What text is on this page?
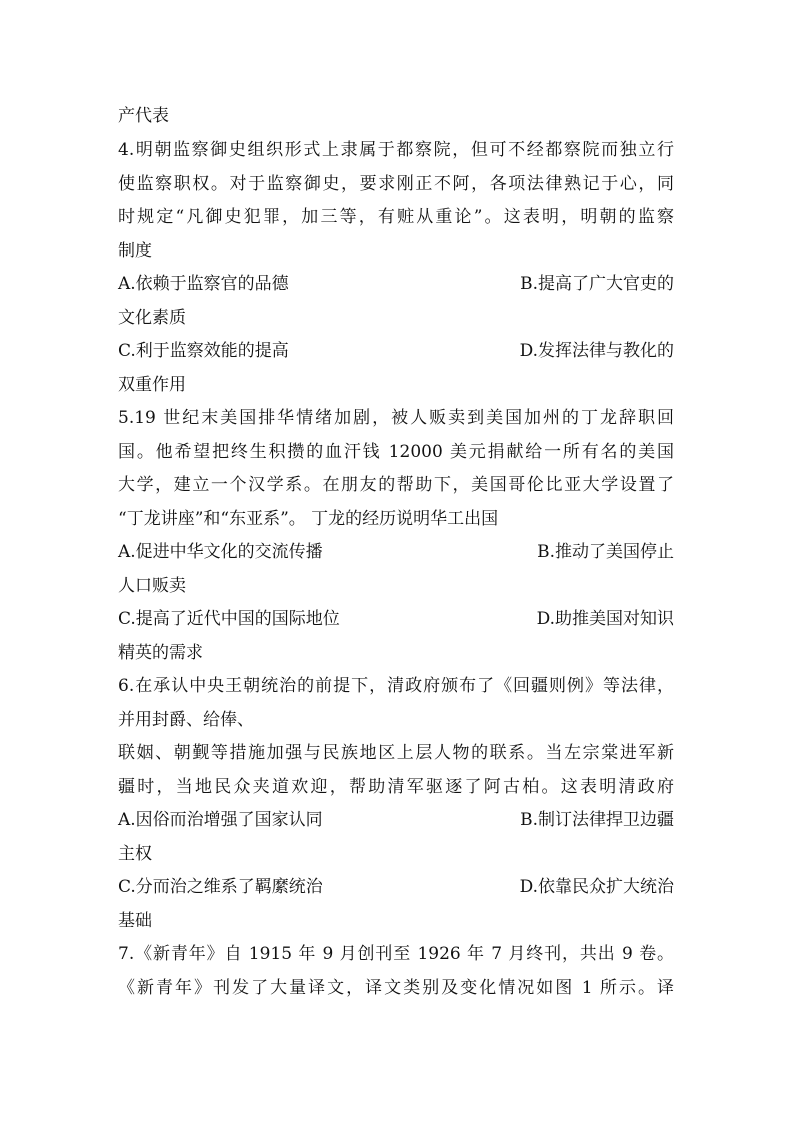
产代表
4.明朝监察御史组织形式上隶属于都察院，但可不经都察院而独立行
使监察职权。对于监察御史，要求刚正不阿，各项法律熟记于心，同
时规定“凡御史犯罪，加三等，有赃从重论”。这表明，明朝的监察
制度
A.依赖于监察官的品德	B.提高了广大官吏的
文化素质
C.利于监察效能的提高	D.发挥法律与教化的
双重作用
5.19 世纪末美国排华情绪加剧，被人贩卖到美国加州的丁龙辞职回
国。他希望把终生积攒的血汗钱 12000 美元捐献给一所有名的美国
大学，建立一个汉学系。在朋友的帮助下，美国哥伦比亚大学设置了
“丁龙讲座”和“东亚系”。 丁龙的经历说明华工出国
A.促进中华文化的交流传播	B.推动了美国停止
人口贩卖
C.提高了近代中国的国际地位	D.助推美国对知识
精英的需求
6.在承认中央王朝统治的前提下，清政府颁布了《回疆则例》等法律，
并用封爵、给俸、
联姻、朝觐等措施加强与民族地区上层人物的联系。当左宗棠进军新
疆时，当地民众夹道欢迎，帮助清军驱逐了阿古柏。这表明清政府
A.因俗而治增强了国家认同	B.制订法律捍卫边疆
主权
C.分而治之维系了羁縻统治	D.依靠民众扩大统治
基础
7.《新青年》自 1915 年 9 月创刊至 1926 年 7 月终刊，共出 9 卷。
《新青年》刊发了大量译文，译文类别及变化情况如图 1 所示。译
